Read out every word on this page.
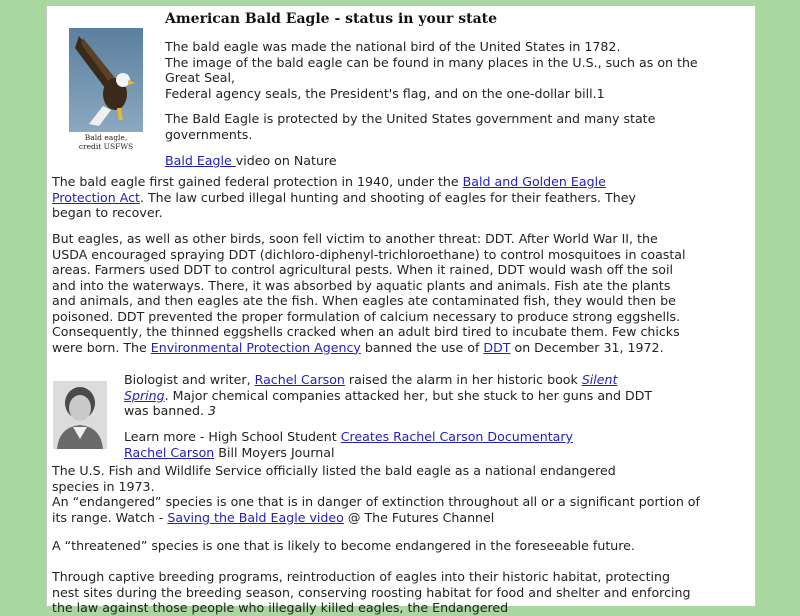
Bald eagle,
credit USFWS
American Bald Eagle - status in your state
The bald eagle was made the national bird of the United States in 1782.
The image of the bald eagle can be found in many places in the U.S., such as on the
Great Seal,
Federal agency seals, the President's flag, and on the one-dollar bill.1
The Bald Eagle is protected by the United States government and many state governments.
Bald Eagle video on Nature

The bald eagle first gained federal protection in 1940, under the Bald and Golden Eagle Protection Act. The law curbed illegal hunting and shooting of eagles for their feathers. They began to recover.

But eagles, as well as other birds, soon fell victim to another threat: DDT. After World War II, the USDA encouraged spraying DDT (dichloro-diphenyl-trichloroethane) to control mosquitoes in coastal areas. Farmers used DDT to control agricultural pests. When it rained, DDT would wash off the soil and into the waterways. There, it was absorbed by aquatic plants and animals. Fish ate the plants and animals, and then eagles ate the fish. When eagles ate contaminated fish, they would then be poisoned. DDT prevented the proper formulation of calcium necessary to produce strong eggshells. Consequently, the thinned eggshells cracked when an adult bird tired to incubate them. Few chicks were born. The Environmental Protection Agency banned the use of DDT on December 31, 1972.

Biologist and writer, Rachel Carson raised the alarm in her historic book Silent Spring. Major chemical companies attacked her, but she stuck to her guns and DDT was banned. 3
Learn more - High School Student Creates Rachel Carson Documentary
Rachel Carson Bill Moyers Journal
The U.S. Fish and Wildlife Service officially listed the bald eagle as a national endangered species in 1973.
An “endangered” species is one that is in danger of extinction throughout all or a significant portion of its range. Watch - Saving the Bald Eagle video @ The Futures Channel

A “threatened” species is one that is likely to become endangered in the foreseeable future.

Through captive breeding programs, reintroduction of eagles into their historic habitat, protecting nest sites during the breeding season, conserving roosting habitat for food and shelter and enforcing the law against those people who illegally killed eagles, the Endangered
